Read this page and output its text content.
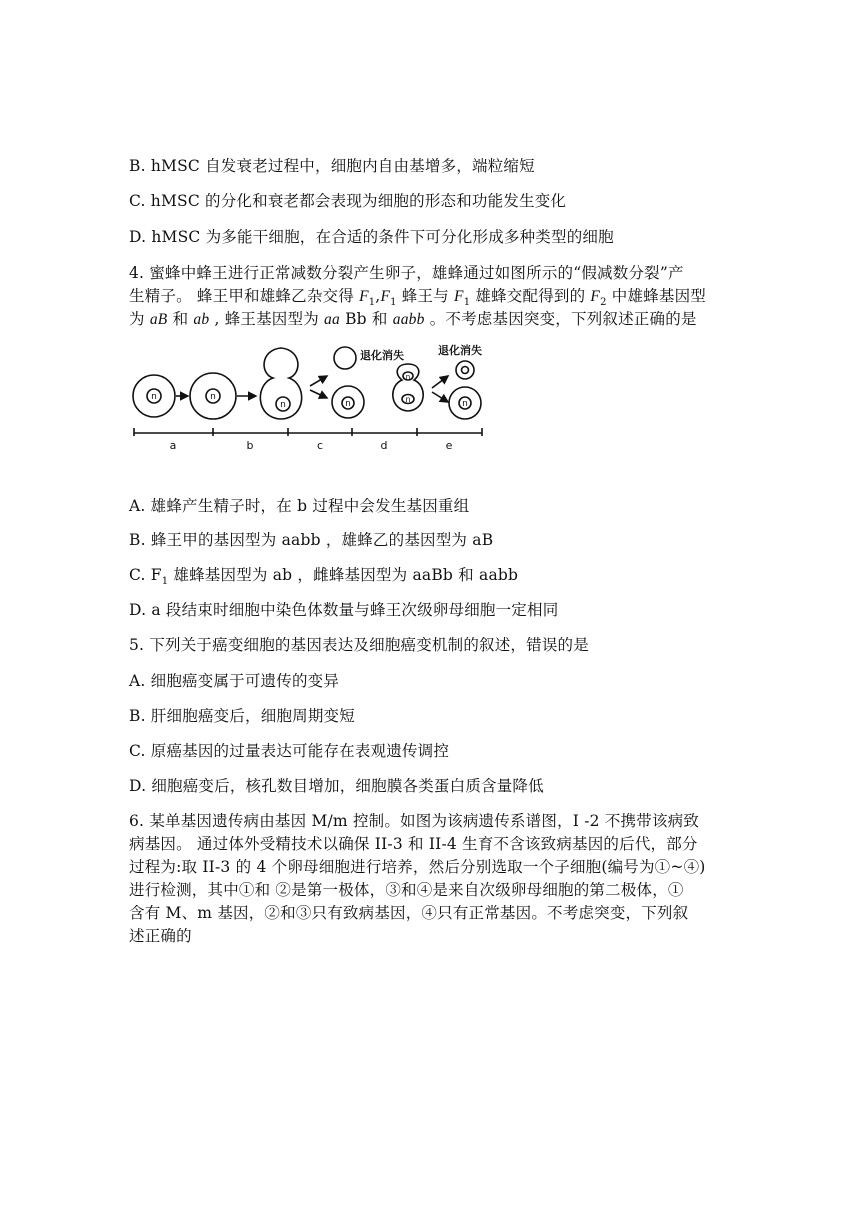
B. hMSC 自发衰老过程中，细胞内自由基增多，端粒缩短
C. hMSC 的分化和衰老都会表现为细胞的形态和功能发生变化
D. hMSC 为多能干细胞，在合适的条件下可分化形成多种类型的细胞
4. 蜜蜂中蜂王进行正常减数分裂产生卵子，雄蜂通过如图所示的“假减数分裂”产
生精子。 蜂王甲和雄蜂乙杂交得 $F_1,F_1$ 蜂王与 $F_1$ 雄蜂交配得到的 $F_2$ 中雄蜂基因型
为 aB 和 ab , 蜂王基因型为 aa Bb 和 aabb 。不考虑基因突变，下列叙述正确的是
n	n
n	n
n
n	n
退化消失	退化消失
a	b	c	d	e
A. 雄蜂产生精子时，在 b 过程中会发生基因重组
B. 蜂王甲的基因型为 aabb ，雄蜂乙的基因型为 aB
C. $F_1$ 雄蜂基因型为 ab ，雌蜂基因型为 aaBb 和 aabb
D. a 段结束时细胞中染色体数量与蜂王次级卵母细胞一定相同
5. 下列关于癌变细胞的基因表达及细胞癌变机制的叙述，错误的是
A. 细胞癌变属于可遗传的变异
B. 肝细胞癌变后，细胞周期变短
C. 原癌基因的过量表达可能存在表观遗传调控
D. 细胞癌变后，核孔数目增加，细胞膜各类蛋白质含量降低
6. 某单基因遗传病由基因 M/m 控制。如图为该病遗传系谱图，I -2 不携带该病致
病基因。 通过体外受精技术以确保 II-3 和 II-4 生育不含该致病基因的后代，部分
过程为:取 II-3 的 4 个卵母细胞进行培养，然后分别选取一个子细胞(编号为①~④)
进行检测，其中①和 ②是第一极体，③和④是来自次级卵母细胞的第二极体，①
含有 M、m 基因，②和③只有致病基因，④只有正常基因。不考虑突变，下列叙
述正确的
